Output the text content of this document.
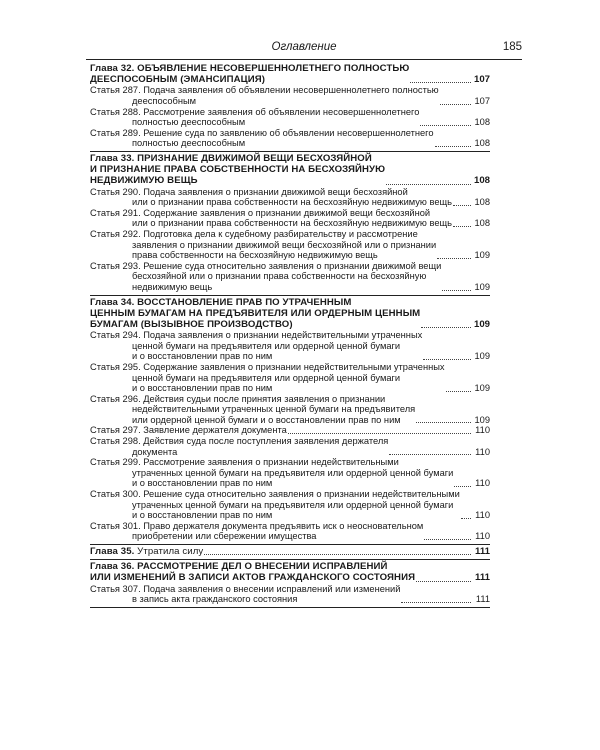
Оглавление	185
Глава 32. ОБЪЯВЛЕНИЕ НЕСОВЕРШЕННОЛЕТНЕГО ПОЛНОСТЬЮ
ДЕЕСПОСОБНЫМ (ЭМАНСИПАЦИЯ)	107
Статья 287. Подача заявления об объявлении несовершеннолетнего полностью
дееспособным	107
Статья 288. Рассмотрение заявления об объявлении несовершеннолетнего
полностью дееспособным	108
Статья 289. Решение суда по заявлению об объявлении несовершеннолетнего
полностью дееспособным	108
Глава 33. ПРИЗНАНИЕ ДВИЖИМОЙ ВЕЩИ БЕСХОЗЯЙНОЙ
И ПРИЗНАНИЕ ПРАВА СОБСТВЕННОСТИ НА БЕСХОЗЯЙНУЮ
НЕДВИЖИМУЮ ВЕЩЬ	108
Статья 290. Подача заявления о признании движимой вещи бесхозяйной
или о признании права собственности на бесхозяйную недвижимую вещь 108
Статья 291. Содержание заявления о признании движимой вещи бесхозяйной
или о признании права собственности на бесхозяйную недвижимую вещь 108
Статья 292. Подготовка дела к судебному разбирательству и рассмотрение
заявления о признании движимой вещи бесхозяйной или о признании
права собственности на бесхозяйную недвижимую вещь	109
Статья 293. Решение суда относительно заявления о признании движимой вещи
бесхозяйной или о признании права собственности на бесхозяйную
недвижимую вещь	109
Глава 34. ВОССТАНОВЛЕНИЕ ПРАВ ПО УТРАЧЕННЫМ
ЦЕННЫМ БУМАГАМ НА ПРЕДЪЯВИТЕЛЯ ИЛИ ОРДЕРНЫМ ЦЕННЫМ
БУМАГАМ (ВЫЗЫВНОЕ ПРОИЗВОДСТВО)	109
Статья 294. Подача заявления о признании недействительными утраченных
ценной бумаги на предъявителя или ордерной ценной бумаги
и о восстановлении прав по ним	109
Статья 295. Содержание заявления о признании недействительными утраченных
ценной бумаги на предъявителя или ордерной ценной бумаги
и о восстановлении прав по ним	109
Статья 296. Действия судьи после принятия заявления о признании
недействительными утраченных ценной бумаги на предъявителя
или ордерной ценной бумаги и о восстановлении прав по ним	109
Статья 297. Заявление держателя документа	110
Статья 298. Действия суда после поступления заявления держателя
документа	110
Статья 299. Рассмотрение заявления о признании недействительными
утраченных ценной бумаги на предъявителя или ордерной ценной бумаги
и о восстановлении прав по ним	110
Статья 300. Решение суда относительно заявления о признании недействительными
утраченных ценной бумаги на предъявителя или ордерной ценной бумаги
и о восстановлении прав по ним	110
Статья 301. Право держателя документа предъявить иск о неосновательном
приобретении или сбережении имущества	110
Глава 35. Утратила силу	111
Глава 36. РАССМОТРЕНИЕ ДЕЛ О ВНЕСЕНИИ ИСПРАВЛЕНИЙ
ИЛИ ИЗМЕНЕНИЙ В ЗАПИСИ АКТОВ ГРАЖДАНСКОГО СОСТОЯНИЯ	111
Статья 307. Подача заявления о внесении исправлений или изменений
в запись акта гражданского состояния	111
